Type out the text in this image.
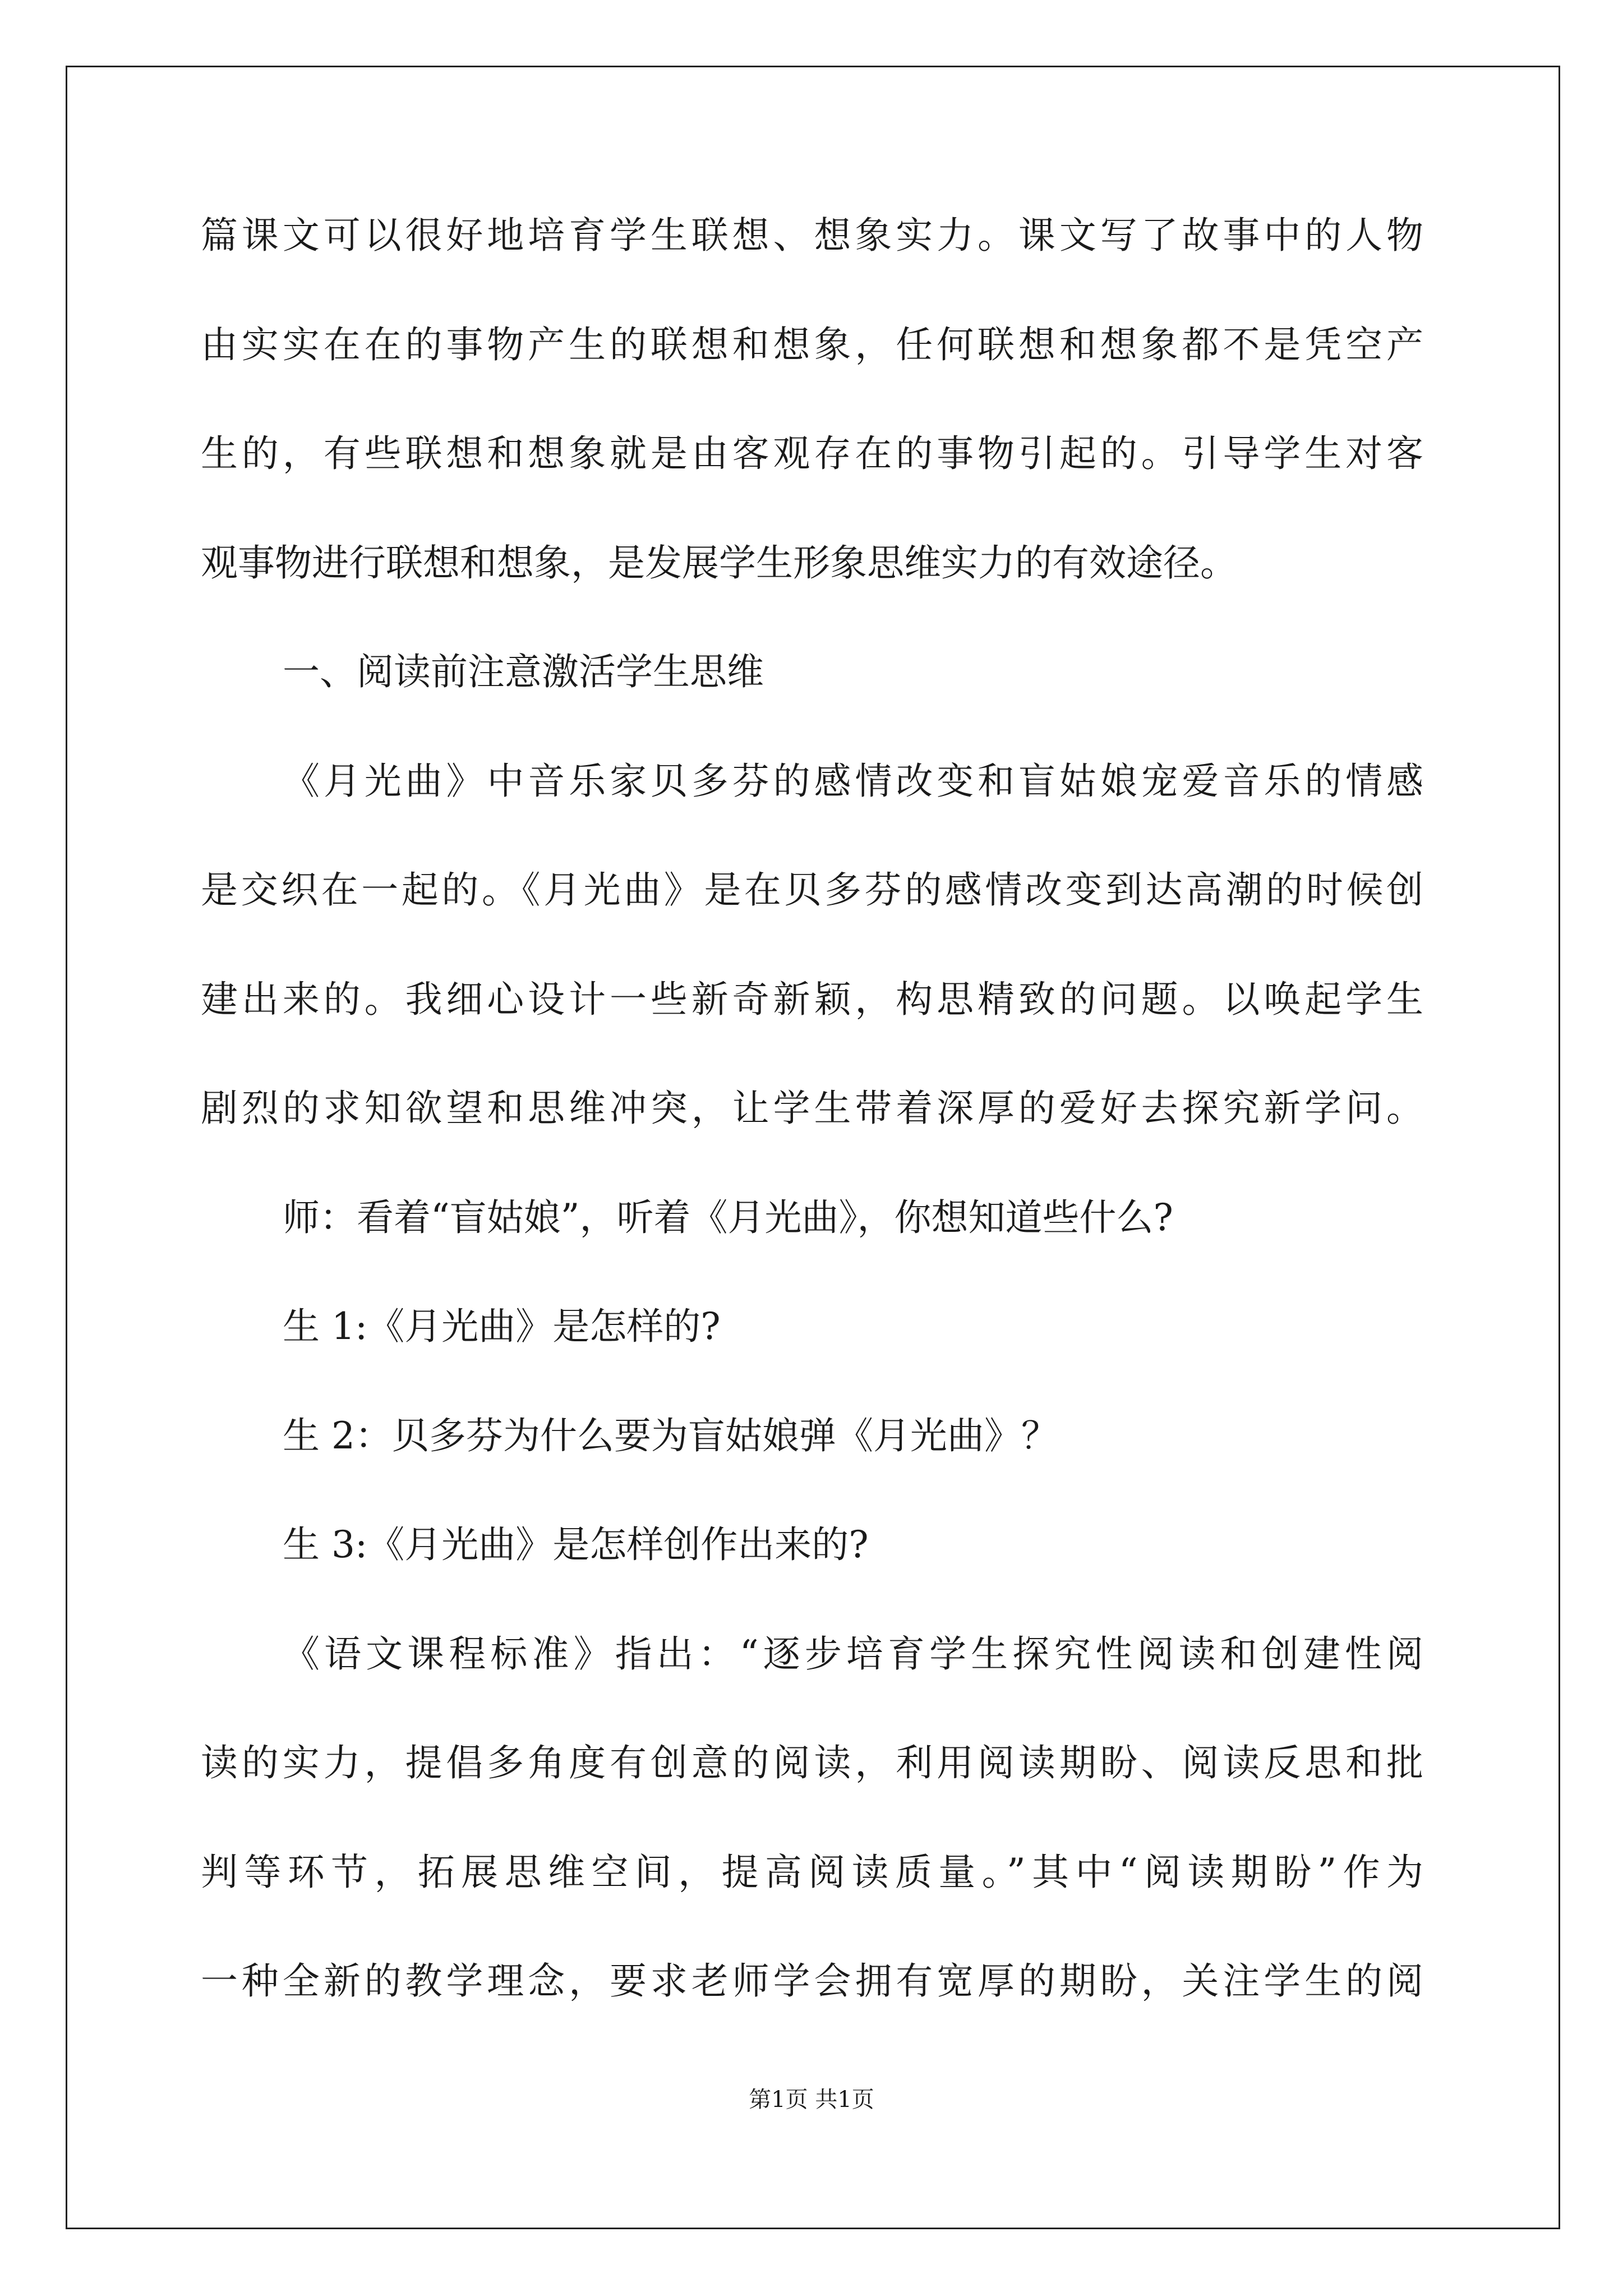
篇课文可以很好地培育学生联想、想象实力。课文写了故事中的人物
由实实在在的事物产生的联想和想象，任何联想和想象都不是凭空产
生的，有些联想和想象就是由客观存在的事物引起的。引导学生对客
观事物进行联想和想象，是发展学生形象思维实力的有效途径。
一、阅读前注意激活学生思维
《月光曲》中音乐家贝多芬的感情改变和盲姑娘宠爱音乐的情感
是交织在一起的。《月光曲》是在贝多芬的感情改变到达高潮的时候创
建出来的。我细心设计一些新奇新颖，构思精致的问题。以唤起学生
剧烈的求知欲望和思维冲突，让学生带着深厚的爱好去探究新学问。
师：看着“盲姑娘”，听着《月光曲》，你想知道些什么?
生 1:《月光曲》是怎样的?
生 2：贝多芬为什么要为盲姑娘弹《月光曲》？
生 3:《月光曲》是怎样创作出来的?
《语文课程标准》指出：“逐步培育学生探究性阅读和创建性阅
读的实力，提倡多角度有创意的阅读，利用阅读期盼、阅读反思和批
判等环节，拓展思维空间，提高阅读质量。”其中“阅读期盼”作为
一种全新的教学理念，要求老师学会拥有宽厚的期盼，关注学生的阅
第1页 共1页
